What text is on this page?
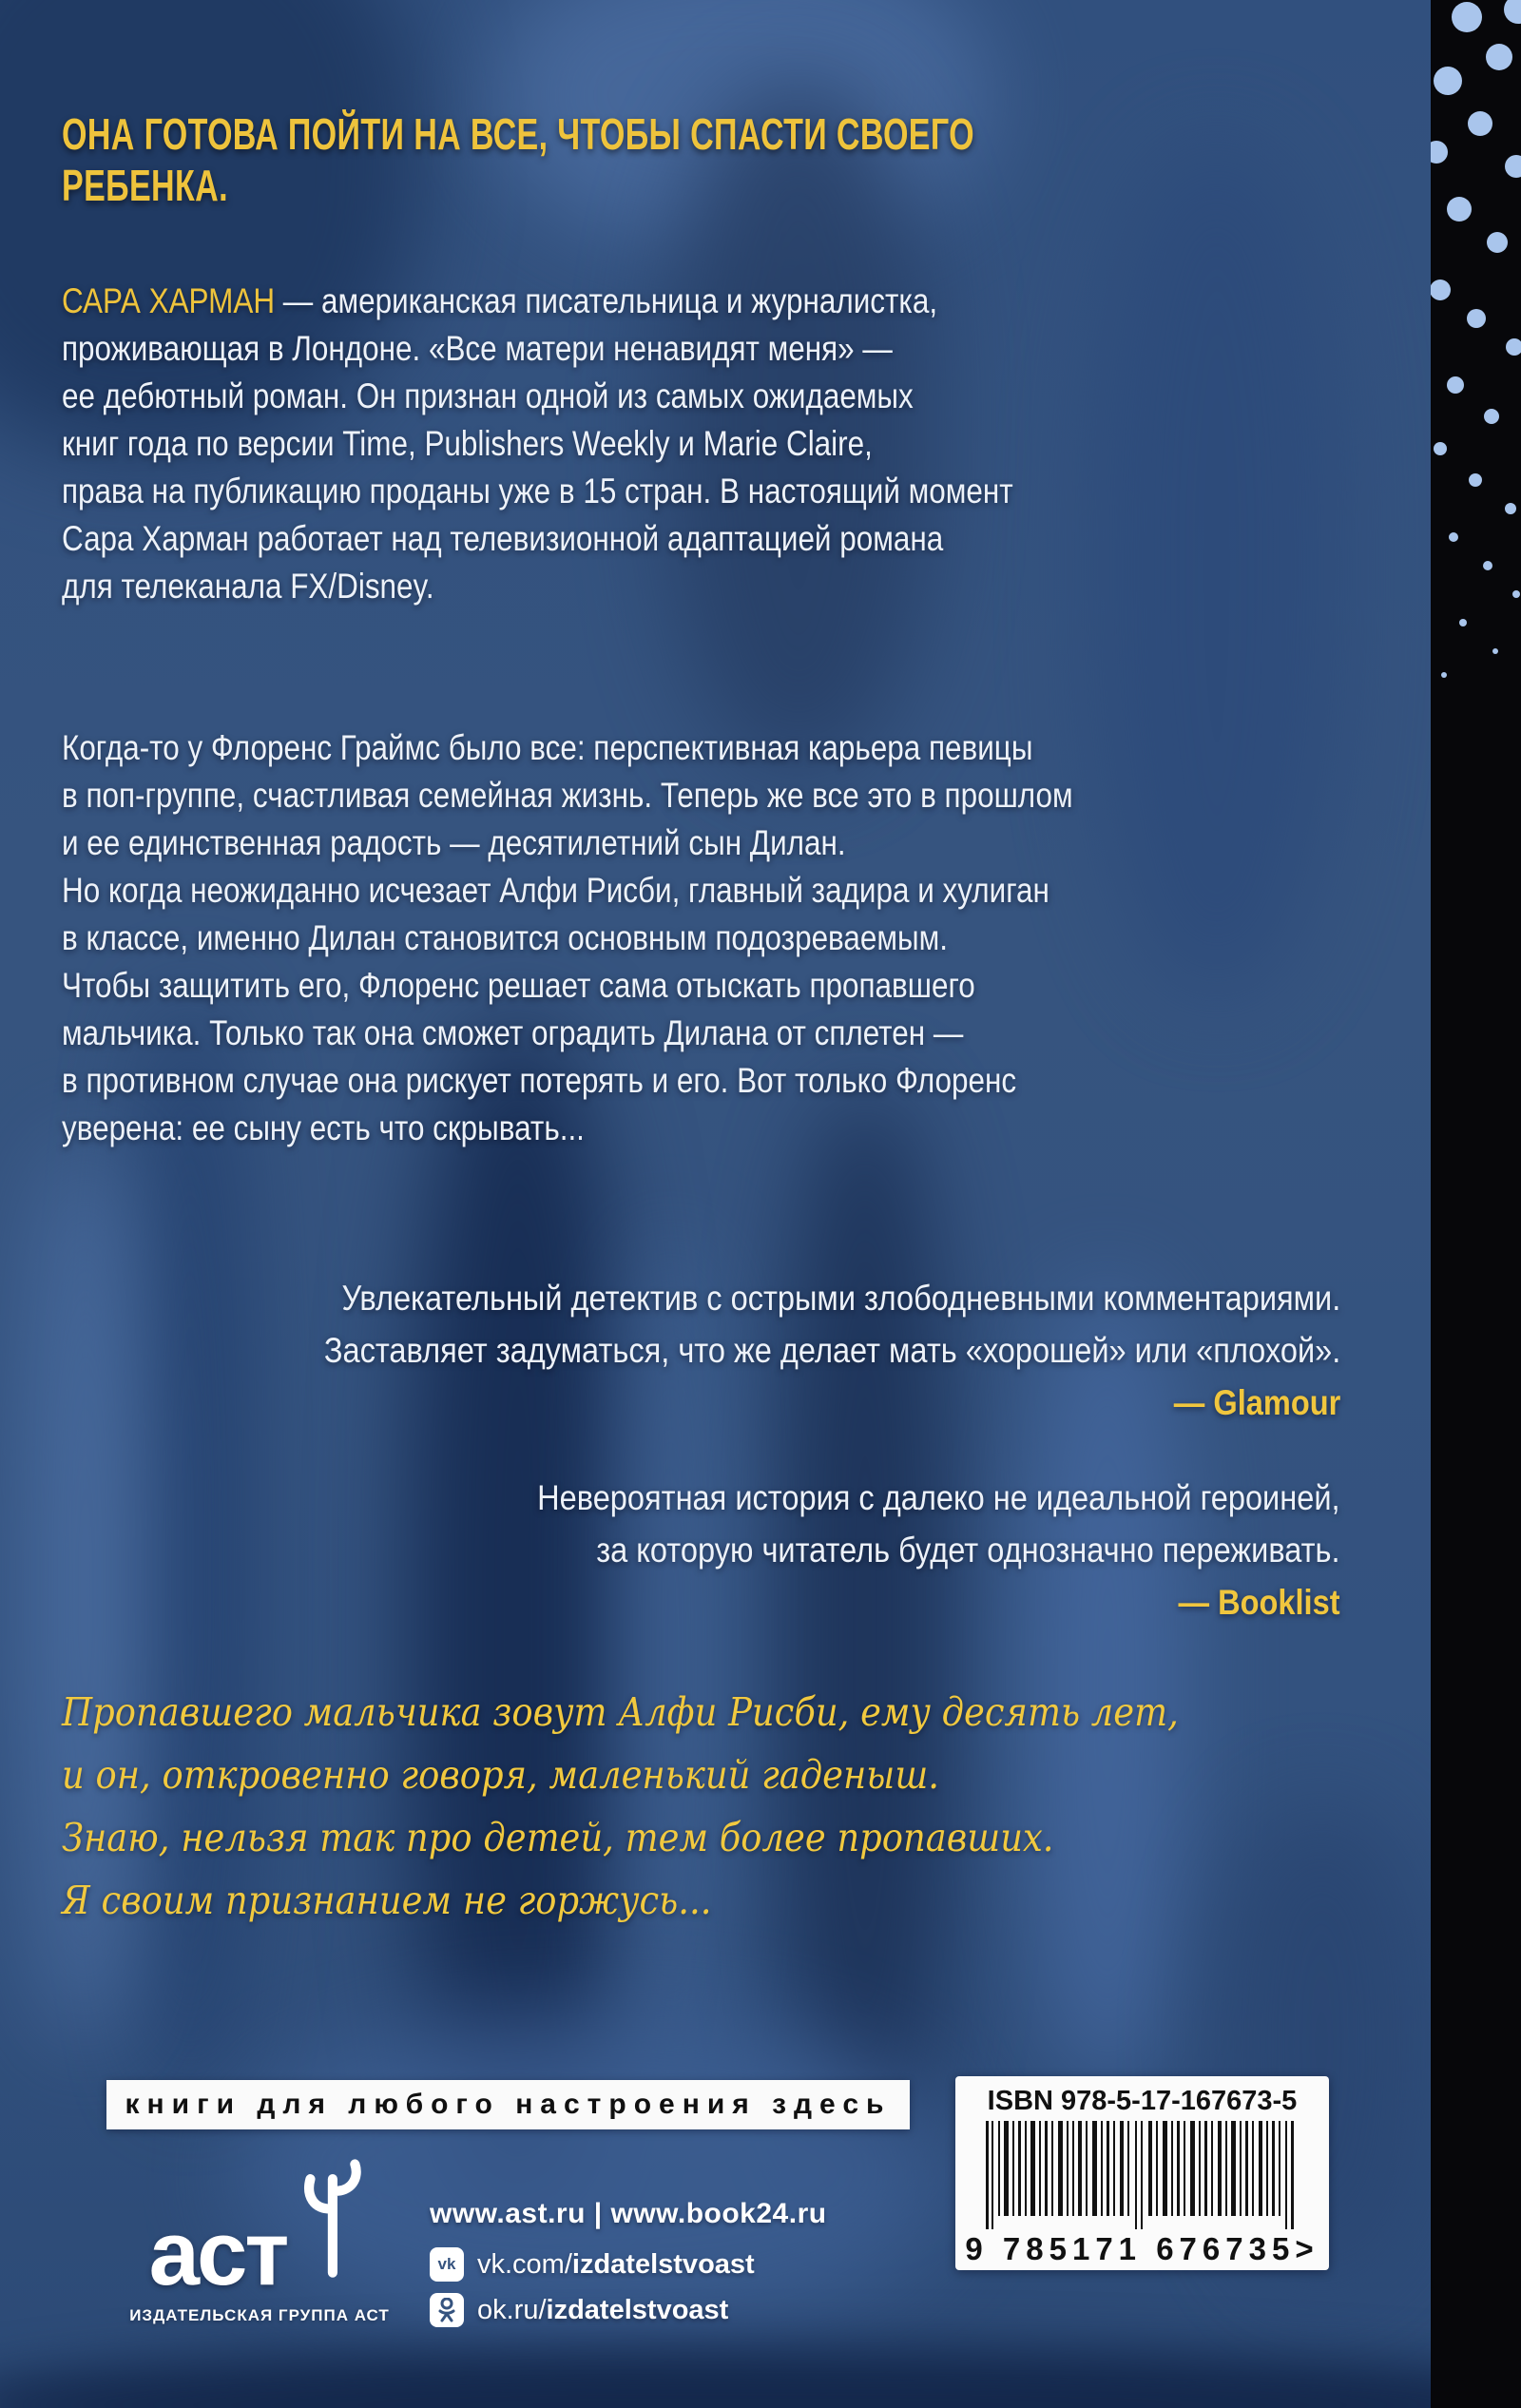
ОНА ГОТОВА ПОЙТИ НА ВСЕ, ЧТОБЫ СПАСТИ СВОЕГО
РЕБЕНКА.
САРА ХАРМАН — американская писательница и журналистка,
проживающая в Лондоне. «Все матери ненавидят меня» —
ее дебютный роман. Он признан одной из самых ожидаемых
книг года по версии Time, Publishers Weekly и Marie Claire,
права на публикацию проданы уже в 15 стран. В настоящий момент
Сара Харман работает над телевизионной адаптацией романа
для телеканала FX/Disney.
Когда-то у Флоренс Граймс было все: перспективная карьера певицы
в поп-группе, счастливая семейная жизнь. Теперь же все это в прошлом
и ее единственная радость — десятилетний сын Дилан.
Но когда неожиданно исчезает Алфи Рисби, главный задира и хулиган
в классе, именно Дилан становится основным подозреваемым.
Чтобы защитить его, Флоренс решает сама отыскать пропавшего
мальчика. Только так она сможет оградить Дилана от сплетен —
в противном случае она рискует потерять и его. Вот только Флоренс
уверена: ее сыну есть что скрывать...
Увлекательный детектив с острыми злободневными комментариями.
Заставляет задуматься, что же делает мать «хорошей» или «плохой».
— Glamour
Невероятная история с далеко не идеальной героиней,
за которую читатель будет однозначно переживать.
— Booklist
Пропавшего мальчика зовут Алфи Рисби, ему десять лет,
и он, откровенно говоря, маленький гаденыш.
Знаю, нельзя так про детей, тем более пропавших.
Я своим признанием не горжусь...
книги для любого настроения здесь
аст
ИЗДАТЕЛЬСКАЯ ГРУППА АСТ
www.ast.ru | www.book24.ru
vk vk.com/izdatelstvoast
ok.ru/izdatelstvoast
ISBN 978-5-17-167673-5
9 785171 676735>
